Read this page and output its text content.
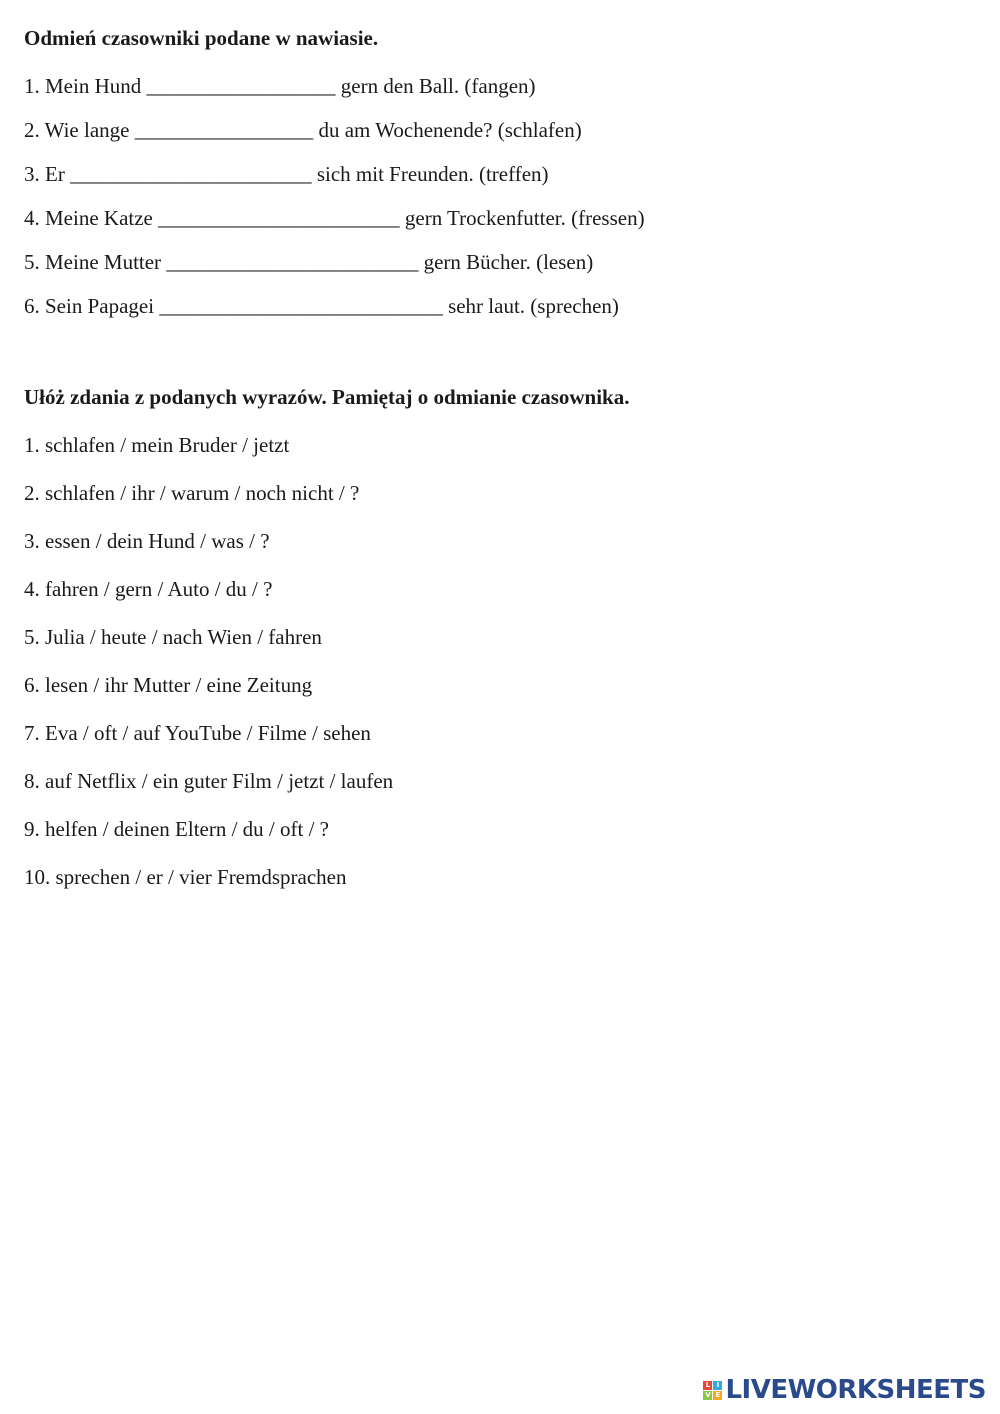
Odmień czasowniki podane w nawiasie.
1. Mein Hund __________________ gern den Ball. (fangen)
2. Wie lange _________________ du am Wochenende? (schlafen)
3. Er _______________________ sich mit Freunden. (treffen)
4. Meine Katze _______________________ gern Trockenfutter. (fressen)
5. Meine Mutter ________________________ gern Bücher. (lesen)
6. Sein Papagei ___________________________ sehr laut. (sprechen)
Ułóż zdania z podanych wyrazów. Pamiętaj o odmianie czasownika.
1. schlafen / mein Bruder / jetzt
2. schlafen / ihr / warum / noch nicht / ?
3. essen / dein Hund / was / ?
4. fahren / gern / Auto / du / ?
5. Julia / heute / nach Wien / fahren
6. lesen / ihr Mutter / eine Zeitung
7. Eva / oft / auf YouTube / Filme / sehen
8. auf Netflix / ein guter Film / jetzt / laufen
9. helfen / deinen Eltern / du / oft / ?
10. sprechen / er / vier Fremdsprachen
L I
V E LIVEWORKSHEETS
